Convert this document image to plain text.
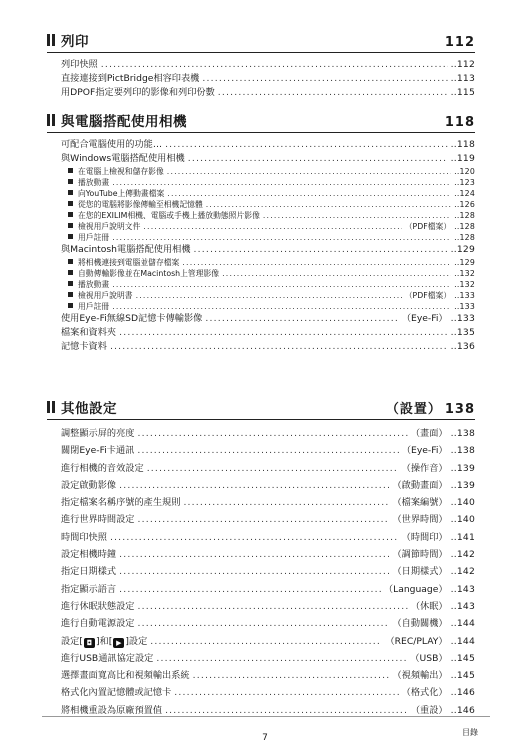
列印	112
列印快照 .....	..112
直接連接到PictBridge相容印表機 .....	..113
用DPOF指定要列印的影像和列印份數 .....	..115
與電腦搭配使用相機	118
可配合電腦使用的功能… .....	..118
與Windows電腦搭配使用相機 .....	..119
在電腦上檢視和儲存影像 .....	..120
播放動畫 .....	..123
向YouTube上傳動畫檔案 .....	..124
從您的電腦將影像傳輸至相機記憶體 .....	..126
在您的EXILIM相機、電腦或手機上播放動態照片影像 .....	..128
檢視用戶說明文件 .....	（PDF檔案） ..128
用戶註冊 .....	..128
與Macintosh電腦搭配使用相機 .....	..129
將相機連接到電腦並儲存檔案 .....	..129
自動傳輸影像並在Macintosh上管理影像 .....	..132
播放動畫 .....	..132
檢視用戶說明書 .....	（PDF檔案） ..133
用戶註冊 .....	..133
使用Eye-Fi無線SD記憶卡傳輸影像 .....	（Eye-Fi） ..133
檔案和資料夾 .....	..135
記憶卡資料 .....	..136
其他設定	（設置） 138
調整顯示屏的亮度 .....	（畫面） ..138
關閉Eye-Fi卡通訊 .....	（Eye-Fi） ..138
進行相機的音效設定 .....	（操作音） ..139
設定啟動影像 .....	（啟動畫面） ..139
指定檔案名稱序號的產生規則 .....	（檔案編號） ..140
進行世界時間設定 .....	（世界時間） ..140
時間印快照 .....	（時間印） ..141
設定相機時鐘 .....	（調節時間） ..142
指定日期樣式 .....	（日期樣式） ..142
指定顯示語言 .....	（Language） ..143
進行休眠狀態設定 .....	（休眠） ..143
進行自動電源設定 .....	（自動關機） ..144
設定[ ◘ ]和[ ▶ ]設定 .....	（REC/PLAY） ..144
進行USB通訊協定設定 .....	（USB） ..145
選擇畫面寬高比和視頻輸出系統 .....	（視頻輸出） ..145
格式化內置記憶體或記憶卡 .....	（格式化） ..146
將相機重設為原廠預置值 .....	（重設） ..146
7
目錄
